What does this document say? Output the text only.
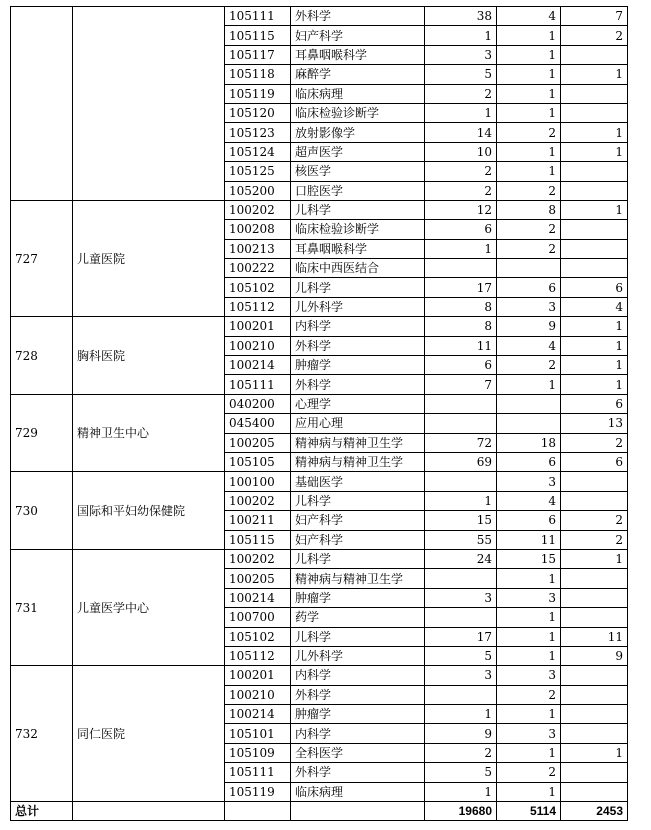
		105111	外科学	38	4	7
		105115	妇产科学	1	1	2
		105117	耳鼻咽喉科学	3	1	
		105118	麻醉学	5	1	1
		105119	临床病理	2	1	
		105120	临床检验诊断学	1	1	
		105123	放射影像学	14	2	1
		105124	超声医学	10	1	1
		105125	核医学	2	1	
		105200	口腔医学	2	2	
727	儿童医院	100202	儿科学	12	8	1
		100208	临床检验诊断学	6	2	
		100213	耳鼻咽喉科学	1	2	
		100222	临床中西医结合			
		105102	儿科学	17	6	6
		105112	儿外科学	8	3	4
728	胸科医院	100201	内科学	8	9	1
		100210	外科学	11	4	1
		100214	肿瘤学	6	2	1
		105111	外科学	7	1	1
729	精神卫生中心	040200	心理学			6
		045400	应用心理			13
		100205	精神病与精神卫生学	72	18	2
		105105	精神病与精神卫生学	69	6	6
730	国际和平妇幼保健院	100100	基础医学		3	
		100202	儿科学	1	4	
		100211	妇产科学	15	6	2
		105115	妇产科学	55	11	2
731	儿童医学中心	100202	儿科学	24	15	1
		100205	精神病与精神卫生学		1	
		100214	肿瘤学	3	3	
		100700	药学		1	
		105102	儿科学	17	1	11
		105112	儿外科学	5	1	9
732	同仁医院	100201	内科学	3	3	
		100210	外科学		2	
		100214	肿瘤学	1	1	
		105101	内科学	9	3	
		105109	全科医学	2	1	1
		105111	外科学	5	2	
		105119	临床病理	1	1	
总计				19680	5114	2453
